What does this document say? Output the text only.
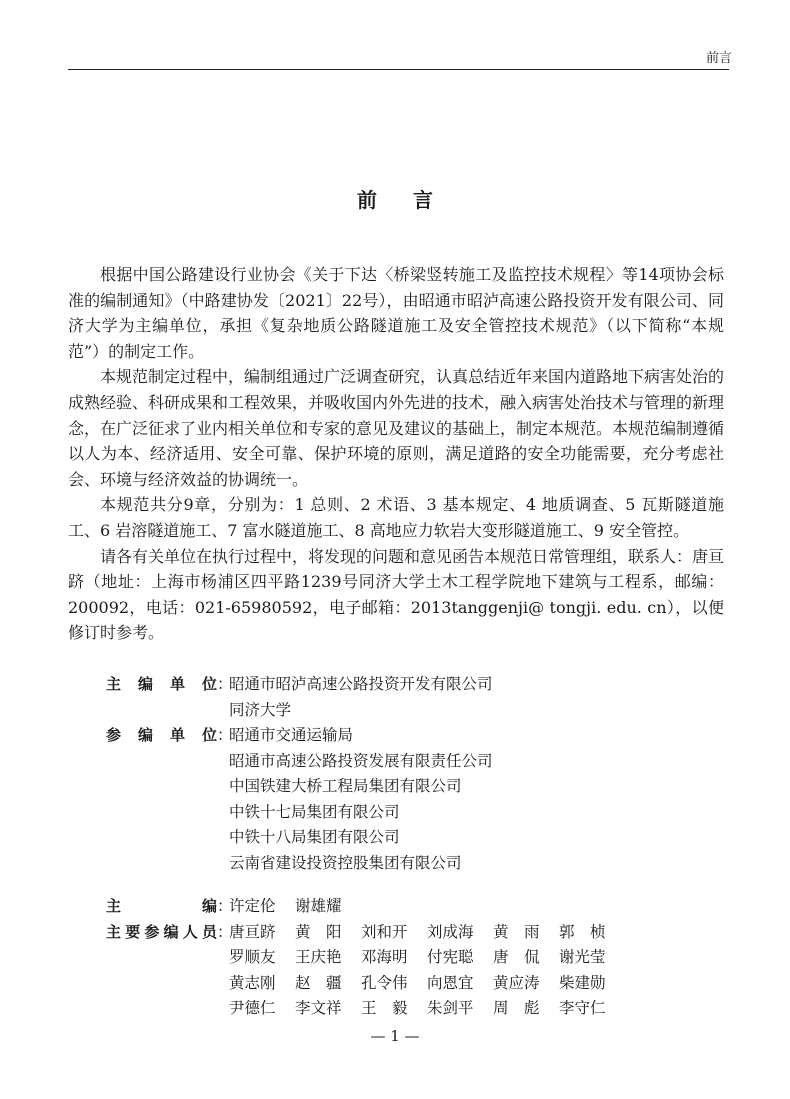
前言
前言

根据中国公路建设行业协会《关于下达〈桥梁竖转施工及监控技术规程〉等14项协会标准的编制通知》（中路建协发〔2021〕22号），由昭通市昭泸高速公路投资开发有限公司、同济大学为主编单位，承担《复杂地质公路隧道施工及安全管控技术规范》（以下简称“本规范”）的制定工作。

本规范制定过程中，编制组通过广泛调查研究，认真总结近年来国内道路地下病害处治的成熟经验、科研成果和工程效果，并吸收国内外先进的技术，融入病害处治技术与管理的新理念，在广泛征求了业内相关单位和专家的意见及建议的基础上，制定本规范。本规范编制遵循以人为本、经济适用、安全可靠、保护环境的原则，满足道路的安全功能需要，充分考虑社会、环境与经济效益的协调统一。

本规范共分9章，分别为：1 总则、2 术语、3 基本规定、4 地质调查、5 瓦斯隧道施工、6 岩溶隧道施工、7 富水隧道施工、8 高地应力软岩大变形隧道施工、9 安全管控。

请各有关单位在执行过程中，将发现的问题和意见函告本规范日常管理组，联系人：唐亘跻（地址：上海市杨浦区四平路1239号同济大学土木工程学院地下建筑与工程系，邮编：200092，电话：021-65980592，电子邮箱：2013tanggenji@ tongji. edu. cn），以便修订时参考。

主 编 单 位 ：
昭通市昭泸高速公路投资开发有限公司
同济大学
参 编 单 位 ：
昭通市交通运输局
昭通市高速公路投资发展有限责任公司
中国铁建大桥工程局集团有限公司
中铁十七局集团有限公司
中铁十八局集团有限公司
云南省建设投资控股集团有限公司
主	编 ：
许定伦	谢雄耀
主 要 参 编 人 员 ：
唐亘跻	黄　阳	刘和开	刘成海	黄　雨	郭　桢
罗顺友	王庆艳	邓海明	付宪聪	唐　侃	谢光莹
黄志刚	赵　疆	孔令伟	向恩宜	黄应涛	柴建勋
尹德仁	李文祥	王　毅	朱剑平	周　彪	李守仁
— 1 —
